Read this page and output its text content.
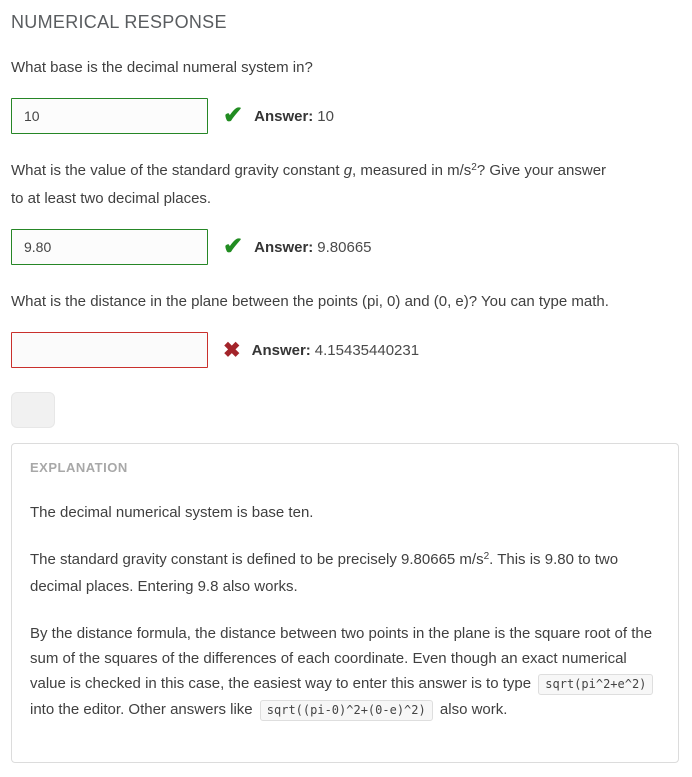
NUMERICAL RESPONSE

What base is the decimal numeral system in?

10
✔ Answer: 10

What is the value of the standard gravity constant g, measured in $m/s^2$? Give your answer to at least two decimal places.

9.80
✔ Answer: 9.80665

What is the distance in the plane between the points (pi, 0) and (0, e)? You can type math.

✖ Answer: 4.15435440231
EXPLANATION

The decimal numerical system is base ten.

The standard gravity constant is defined to be precisely 9.80665 $m/s^2$. This is 9.80 to two decimal places. Entering 9.8 also works.

By the distance formula, the distance between two points in the plane is the square root of the sum of the squares of the differences of each coordinate. Even though an exact numerical value is checked in this case, the easiest way to enter this answer is to type sqrt(pi^2+e^2) into the editor. Other answers like sqrt((pi-0)^2+(0-e)^2) also work.
